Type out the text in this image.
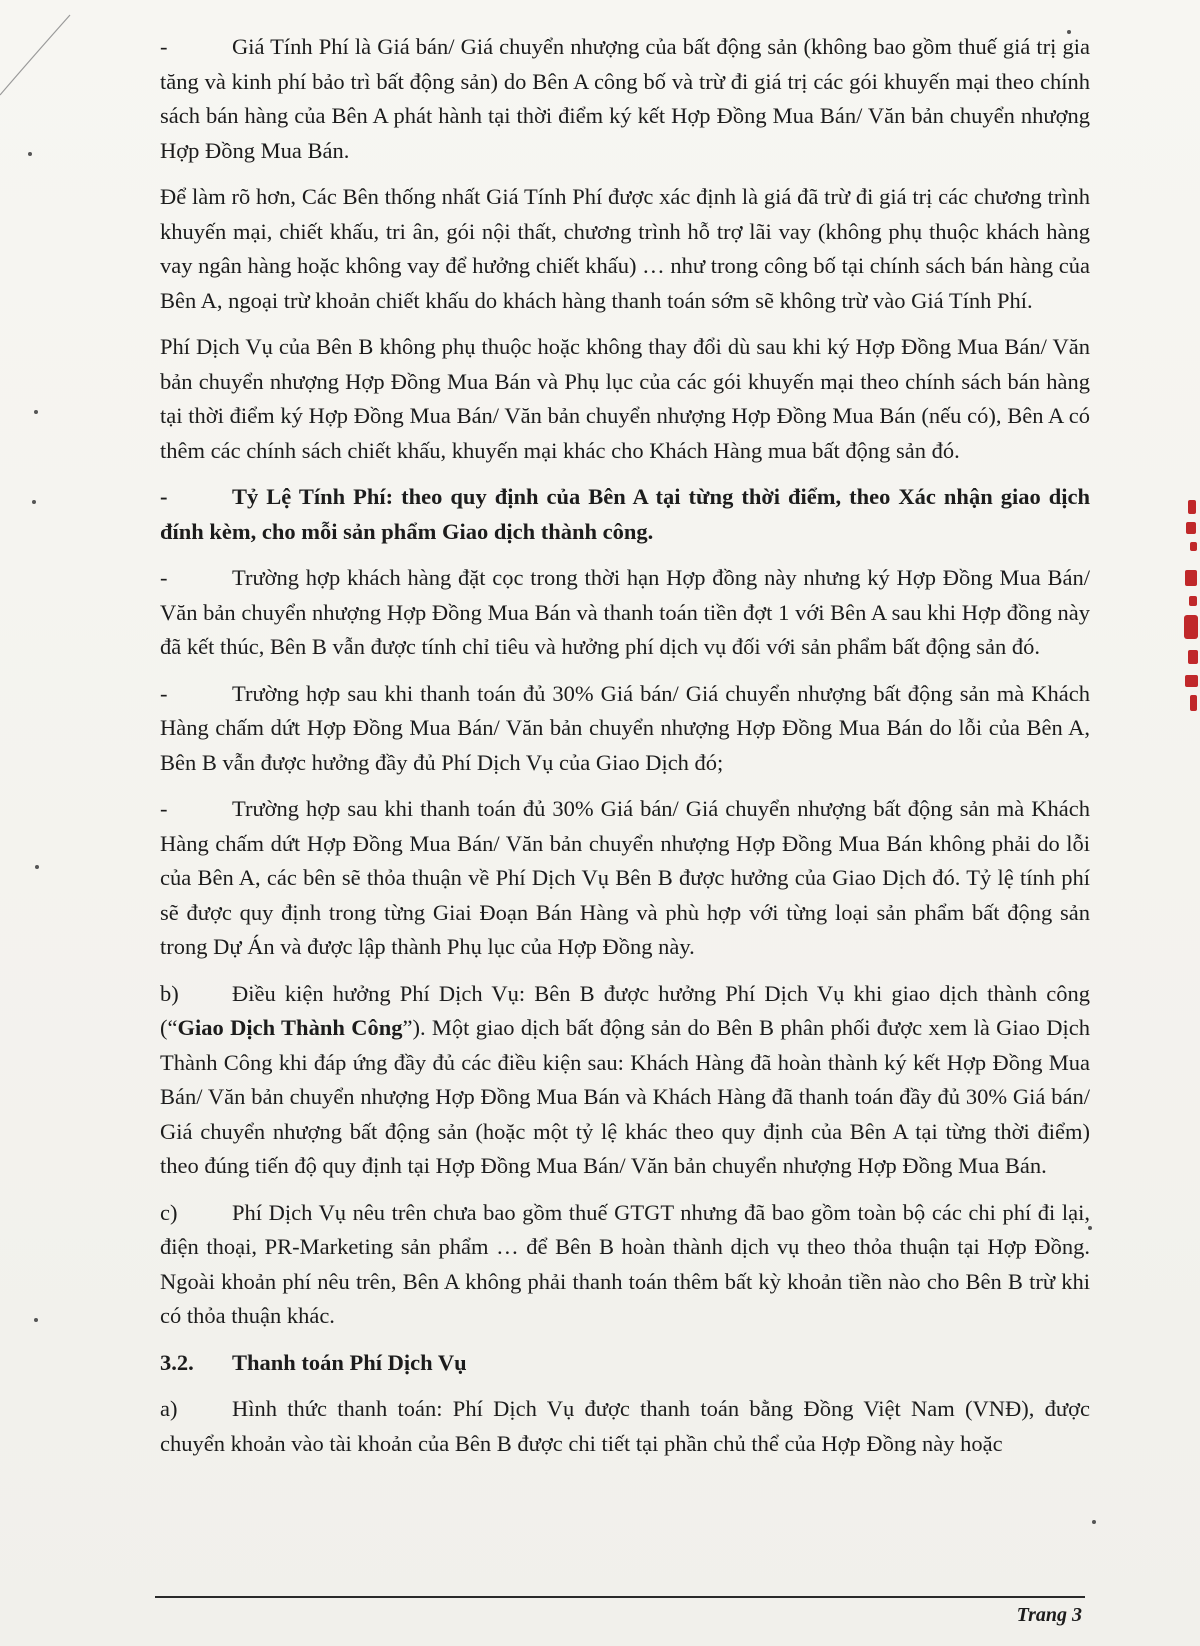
-	Giá Tính Phí là Giá bán/ Giá chuyển nhượng của bất động sản (không bao gồm thuế giá trị gia tăng và kinh phí bảo trì bất động sản) do Bên A công bố và trừ đi giá trị các gói khuyến mại theo chính sách bán hàng của Bên A phát hành tại thời điểm ký kết Hợp Đồng Mua Bán/ Văn bản chuyển nhượng Hợp Đồng Mua Bán.

Để làm rõ hơn, Các Bên thống nhất Giá Tính Phí được xác định là giá đã trừ đi giá trị các chương trình khuyến mại, chiết khấu, tri ân, gói nội thất, chương trình hỗ trợ lãi vay (không phụ thuộc khách hàng vay ngân hàng hoặc không vay để hưởng chiết khấu) … như trong công bố tại chính sách bán hàng của Bên A, ngoại trừ khoản chiết khấu do khách hàng thanh toán sớm sẽ không trừ vào Giá Tính Phí.

Phí Dịch Vụ của Bên B không phụ thuộc hoặc không thay đổi dù sau khi ký Hợp Đồng Mua Bán/ Văn bản chuyển nhượng Hợp Đồng Mua Bán và Phụ lục của các gói khuyến mại theo chính sách bán hàng tại thời điểm ký Hợp Đồng Mua Bán/ Văn bản chuyển nhượng Hợp Đồng Mua Bán (nếu có), Bên A có thêm các chính sách chiết khấu, khuyến mại khác cho Khách Hàng mua bất động sản đó.

-	Tỷ Lệ Tính Phí: theo quy định của Bên A tại từng thời điểm, theo Xác nhận giao dịch đính kèm, cho mỗi sản phẩm Giao dịch thành công.

-	Trường hợp khách hàng đặt cọc trong thời hạn Hợp đồng này nhưng ký Hợp Đồng Mua Bán/ Văn bản chuyển nhượng Hợp Đồng Mua Bán và thanh toán tiền đợt 1 với Bên A sau khi Hợp đồng này đã kết thúc, Bên B vẫn được tính chỉ tiêu và hưởng phí dịch vụ đối với sản phẩm bất động sản đó.

-	Trường hợp sau khi thanh toán đủ 30% Giá bán/ Giá chuyển nhượng bất động sản mà Khách Hàng chấm dứt Hợp Đồng Mua Bán/ Văn bản chuyển nhượng Hợp Đồng Mua Bán do lỗi của Bên A, Bên B vẫn được hưởng đầy đủ Phí Dịch Vụ của Giao Dịch đó;

-	Trường hợp sau khi thanh toán đủ 30% Giá bán/ Giá chuyển nhượng bất động sản mà Khách Hàng chấm dứt Hợp Đồng Mua Bán/ Văn bản chuyển nhượng Hợp Đồng Mua Bán không phải do lỗi của Bên A, các bên sẽ thỏa thuận về Phí Dịch Vụ Bên B được hưởng của Giao Dịch đó. Tỷ lệ tính phí sẽ được quy định trong từng Giai Đoạn Bán Hàng và phù hợp với từng loại sản phẩm bất động sản trong Dự Án và được lập thành Phụ lục của Hợp Đồng này.

b) Điều kiện hưởng Phí Dịch Vụ: Bên B được hưởng Phí Dịch Vụ khi giao dịch thành công (“Giao Dịch Thành Công”). Một giao dịch bất động sản do Bên B phân phối được xem là Giao Dịch Thành Công khi đáp ứng đầy đủ các điều kiện sau: Khách Hàng đã hoàn thành ký kết Hợp Đồng Mua Bán/ Văn bản chuyển nhượng Hợp Đồng Mua Bán và Khách Hàng đã thanh toán đầy đủ 30% Giá bán/ Giá chuyển nhượng bất động sản (hoặc một tỷ lệ khác theo quy định của Bên A tại từng thời điểm) theo đúng tiến độ quy định tại Hợp Đồng Mua Bán/ Văn bản chuyển nhượng Hợp Đồng Mua Bán.

c) Phí Dịch Vụ nêu trên chưa bao gồm thuế GTGT nhưng đã bao gồm toàn bộ các chi phí đi lại, điện thoại, PR-Marketing sản phẩm … để Bên B hoàn thành dịch vụ theo thỏa thuận tại Hợp Đồng. Ngoài khoản phí nêu trên, Bên A không phải thanh toán thêm bất kỳ khoản tiền nào cho Bên B trừ khi có thỏa thuận khác.

3.2. Thanh toán Phí Dịch Vụ

a) Hình thức thanh toán: Phí Dịch Vụ được thanh toán bằng Đồng Việt Nam (VNĐ), được chuyển khoản vào tài khoản của Bên B được chi tiết tại phần chủ thể của Hợp Đồng này hoặc

Trang 3
